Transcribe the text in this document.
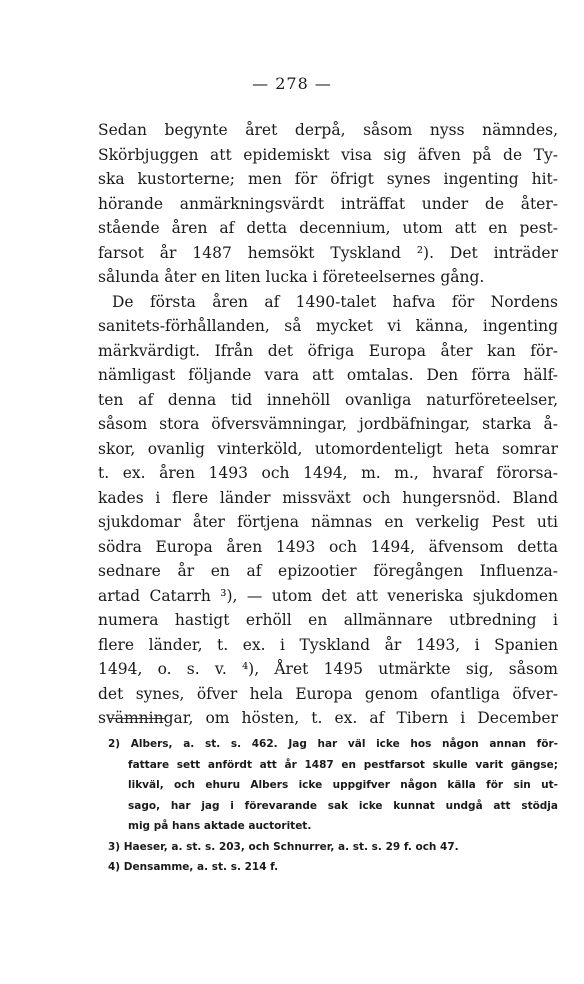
— 278 —
Sedan begynte året derpå, såsom nyss nämndes,
Skörbjuggen att epidemiskt visa sig äfven på de Ty-
ska kustorterne; men för öfrigt synes ingenting hit-
hörande anmärkningsvärdt inträffat under de åter-
stående åren af detta decennium, utom att en pest-
farsot år 1487 hemsökt Tyskland ²). Det inträder
sålunda åter en liten lucka i företeelsernes gång.
De första åren af 1490-talet hafva för Nordens
sanitets-förhållanden, så mycket vi känna, ingenting
märkvärdigt. Ifrån det öfriga Europa åter kan för-
nämligast följande vara att omtalas. Den förra hälf-
ten af denna tid innehöll ovanliga naturföreteelser,
såsom stora öfversvämningar, jordbäfningar, starka å-
skor, ovanlig vinterköld, utomordenteligt heta somrar
t. ex. åren 1493 och 1494, m. m., hvaraf förorsa-
kades i flere länder missväxt och hungersnöd. Bland
sjukdomar åter förtjena nämnas en verkelig Pest uti
södra Europa åren 1493 och 1494, äfvensom detta
sednare år en af epizootier föregången Influenza-
artad Catarrh ³), — utom det att veneriska sjukdomen
numera hastigt erhöll en allmännare utbredning i
flere länder, t. ex. i Tyskland år 1493, i Spanien
1494, o. s. v. ⁴), Året 1495 utmärkte sig, såsom
det synes, öfver hela Europa genom ofantliga öfver-
svämningar, om hösten, t. ex. af Tibern i December
2) Albers, a. st. s. 462. Jag har väl icke hos någon annan för-
fattare sett anfördt att år 1487 en pestfarsot skulle varit gängse;
likväl, och ehuru Albers icke uppgifver någon källa för sin ut-
sago, har jag i förevarande sak icke kunnat undgå att stödja
mig på hans aktade auctoritet.
3) Haeser, a. st. s. 203, och Schnurrer, a. st. s. 29 f. och 47.
4) Densamme, a. st. s. 214 f.
